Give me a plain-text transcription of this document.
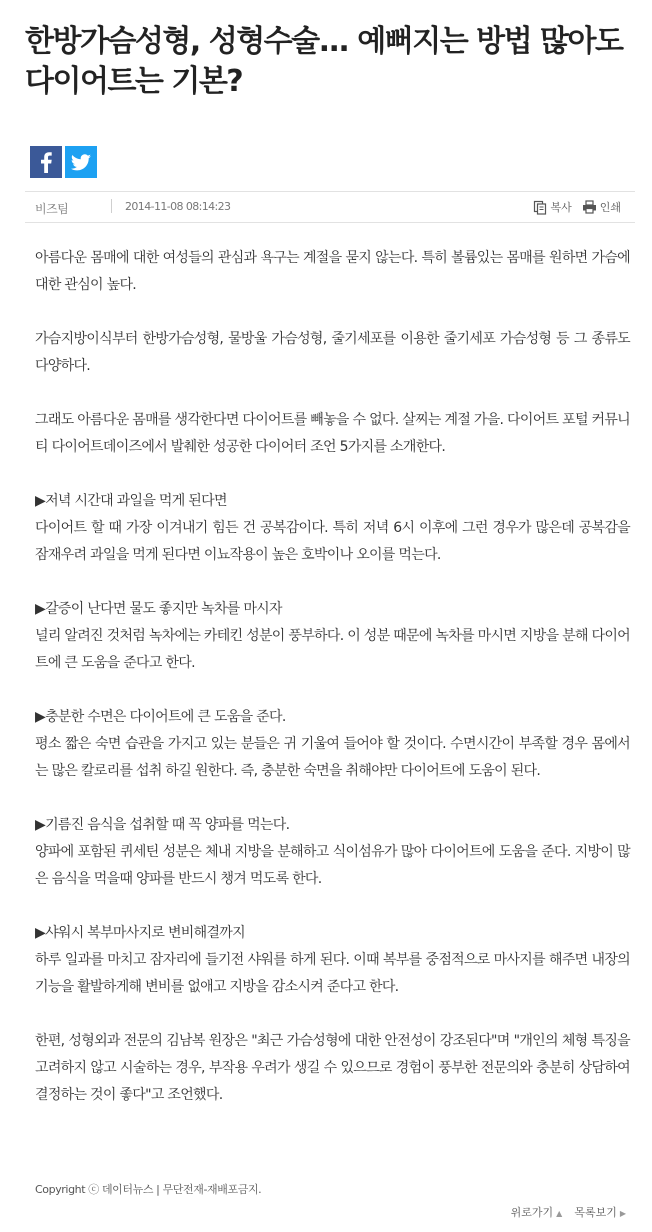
한방가슴성형, 성형수술... 예뻐지는 방법 많아도 다이어트는 기본?
비즈팀	2014-11-08 08:14:23	복사	인쇄

아름다운 몸매에 대한 여성들의 관심과 욕구는 계절을 묻지 않는다. 특히 볼륨있는 몸매를 원하면 가슴에 대한 관심이 높다.

가슴지방이식부터 한방가슴성형, 물방울 가슴성형, 줄기세포를 이용한 줄기세포 가슴성형 등 그 종류도 다양하다.

그래도 아름다운 몸매를 생각한다면 다이어트를 빼놓을 수 없다. 살찌는 계절 가을. 다이어트 포털 커뮤니티 다이어트데이즈에서 발췌한 성공한 다이어터 조언 5가지를 소개한다.

▶저녁 시간대 과일을 먹게 된다면
다이어트 할 때 가장 이겨내기 힘든 건 공복감이다. 특히 저녁 6시 이후에 그런 경우가 많은데 공복감을 잠재우려 과일을 먹게 된다면 이뇨작용이 높은 호박이나 오이를 먹는다.

▶갈증이 난다면 물도 좋지만 녹차를 마시자
널리 알려진 것처럼 녹차에는 카테킨 성분이 풍부하다. 이 성분 때문에 녹차를 마시면 지방을 분해 다이어트에 큰 도움을 준다고 한다.

▶충분한 수면은 다이어트에 큰 도움을 준다.
평소 짧은 숙면 습관을 가지고 있는 분들은 귀 기울여 들어야 할 것이다. 수면시간이 부족할 경우 몸에서는 많은 칼로리를 섭취 하길 원한다. 즉, 충분한 숙면을 취해야만 다이어트에 도움이 된다.

▶기름진 음식을 섭취할 때 꼭 양파를 먹는다.
양파에 포함된 퀴세틴 성분은 체내 지방을 분해하고 식이섬유가 많아 다이어트에 도움을 준다. 지방이 많은 음식을 먹을때 양파를 반드시 챙겨 먹도록 한다.

▶샤워시 복부마사지로 변비해결까지
하루 일과를 마치고 잠자리에 들기전 샤워를 하게 된다. 이때 복부를 중점적으로 마사지를 해주면 내장의 기능을 활발하게해 변비를 없애고 지방을 감소시켜 준다고 한다.

한편, 성형외과 전문의 김남복 원장은 "최근 가슴성형에 대한 안전성이 강조된다"며 "개인의 체형 특징을 고려하지 않고 시술하는 경우, 부작용 우려가 생길 수 있으므로 경험이 풍부한 전문의와 충분히 상담하여 결정하는 것이 좋다"고 조언했다.

Copyright ⓒ 데이터뉴스 | 무단전재-재배포금지.
위로가기 ▲ 목록보기 ▶
